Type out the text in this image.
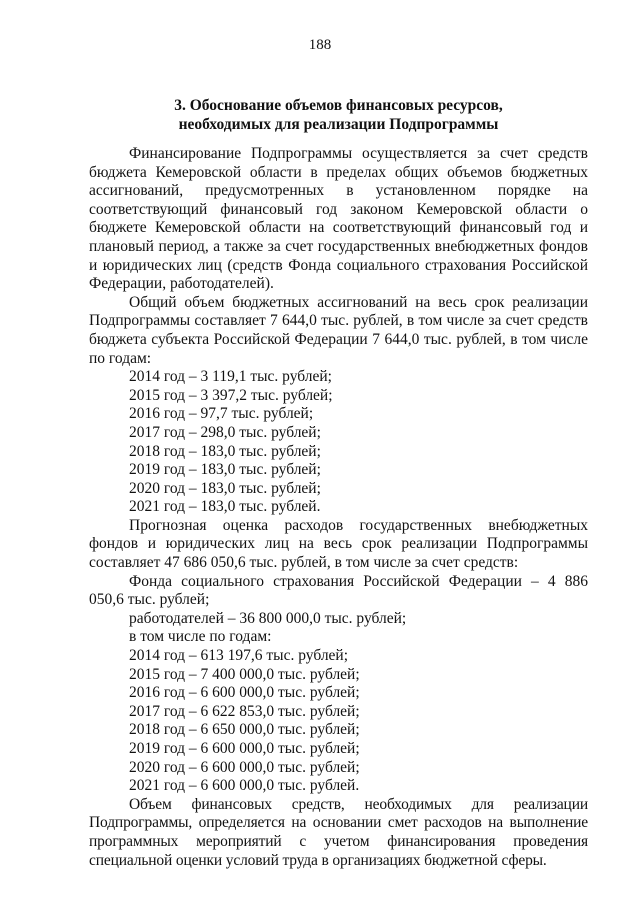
188
3. Обоснование объемов финансовых ресурсов,
необходимых для реализации Подпрограммы

Финансирование Подпрограммы осуществляется за счет средств бюджета Кемеровской области в пределах общих объемов бюджетных ассигнований, предусмотренных в установленном порядке на соответствующий финансовый год законом Кемеровской области о бюджете Кемеровской области на соответствующий финансовый год и плановый период, а также за счет государственных внебюджетных фондов и юридических лиц (средств Фонда социального страхования Российской Федерации, работодателей).

Общий объем бюджетных ассигнований на весь срок реализации Подпрограммы составляет 7 644,0 тыс. рублей, в том числе за счет средств бюджета субъекта Российской Федерации 7 644,0 тыс. рублей, в том числе по годам:

2014 год – 3 119,1 тыс. рублей;
2015 год – 3 397,2 тыс. рублей;
2016 год – 97,7 тыс. рублей;
2017 год – 298,0 тыс. рублей;
2018 год – 183,0 тыс. рублей;
2019 год – 183,0 тыс. рублей;
2020 год – 183,0 тыс. рублей;
2021 год – 183,0 тыс. рублей.

Прогнозная оценка расходов государственных внебюджетных фондов и юридических лиц на весь срок реализации Подпрограммы составляет 47 686 050,6 тыс. рублей, в том числе за счет средств:

Фонда социального страхования Российской Федерации – 4 886 050,6 тыс. рублей;

работодателей – 36 800 000,0 тыс. рублей;
в том числе по годам:
2014 год – 613 197,6 тыс. рублей;
2015 год – 7 400 000,0 тыс. рублей;
2016 год – 6 600 000,0 тыс. рублей;
2017 год – 6 622 853,0 тыс. рублей;
2018 год – 6 650 000,0 тыс. рублей;
2019 год – 6 600 000,0 тыс. рублей;
2020 год – 6 600 000,0 тыс. рублей;
2021 год – 6 600 000,0 тыс. рублей.

Объем финансовых средств, необходимых для реализации Подпрограммы, определяется на основании смет расходов на выполнение программных мероприятий с учетом финансирования проведения специальной оценки условий труда в организациях бюджетной сферы.
